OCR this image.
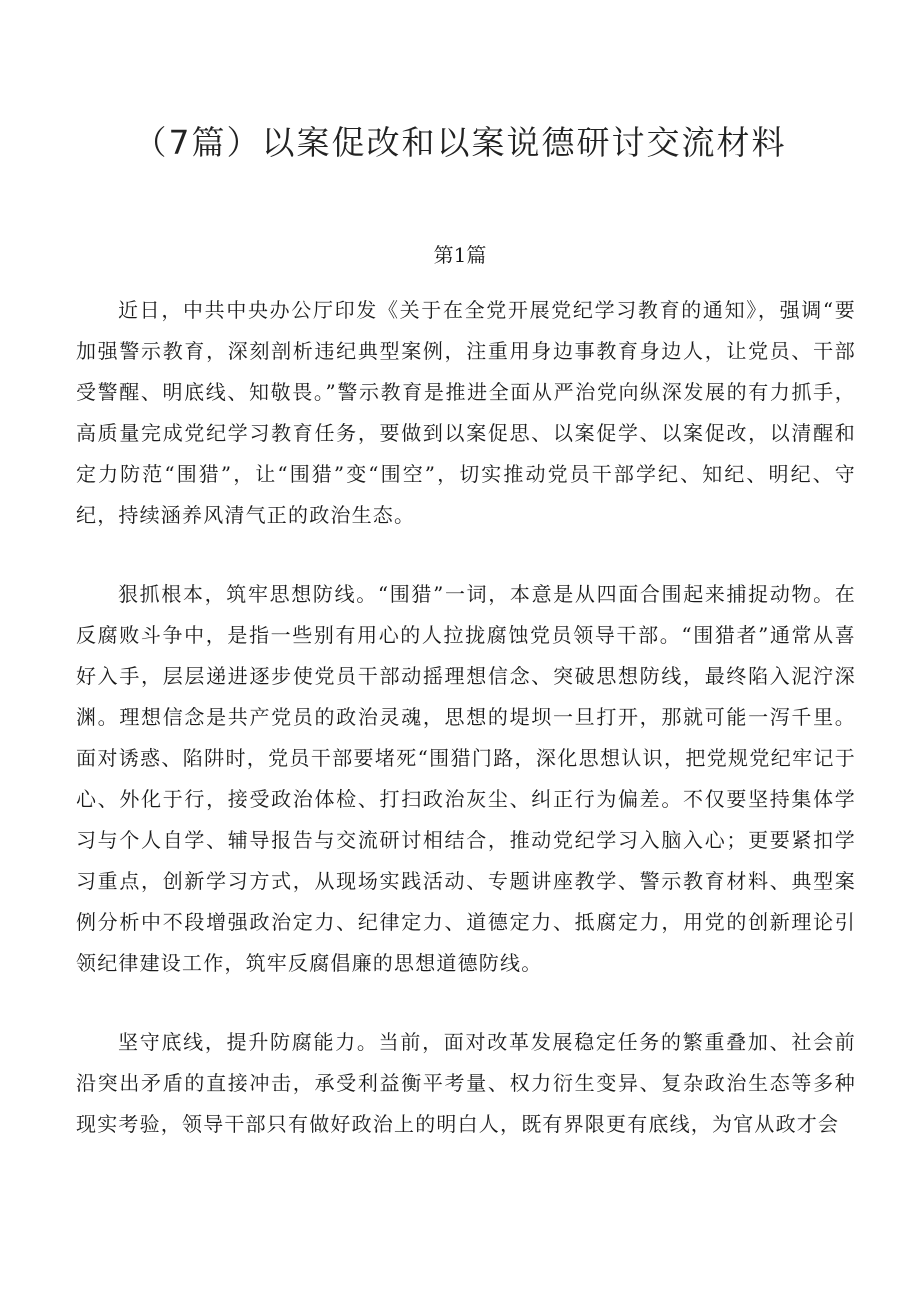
（7篇）以案促改和以案说德研讨交流材料
第1篇

近日，中共中央办公厅印发《关于在全党开展党纪学习教育的通知》，强调“要加强警示教育，深刻剖析违纪典型案例，注重用身边事教育身边人，让党员、干部受警醒、明底线、知敬畏。”警示教育是推进全面从严治党向纵深发展的有力抓手，高质量完成党纪学习教育任务，要做到以案促思、以案促学、以案促改，以清醒和定力防范“围猎”，让“围猎”变“围空”，切实推动党员干部学纪、知纪、明纪、守纪，持续涵养风清气正的政治生态。

狠抓根本，筑牢思想防线。“围猎”一词，本意是从四面合围起来捕捉动物。在反腐败斗争中，是指一些别有用心的人拉拢腐蚀党员领导干部。“围猎者”通常从喜好入手，层层递进逐步使党员干部动摇理想信念、突破思想防线，最终陷入泥泞深渊。理想信念是共产党员的政治灵魂，思想的堤坝一旦打开，那就可能一泻千里。面对诱惑、陷阱时，党员干部要堵死“围猎门路，深化思想认识，把党规党纪牢记于心、外化于行，接受政治体检、打扫政治灰尘、纠正行为偏差。不仅要坚持集体学习与个人自学、辅导报告与交流研讨相结合，推动党纪学习入脑入心；更要紧扣学习重点，创新学习方式，从现场实践活动、专题讲座教学、警示教育材料、典型案例分析中不段增强政治定力、纪律定力、道德定力、抵腐定力，用党的创新理论引领纪律建设工作，筑牢反腐倡廉的思想道德防线。

坚守底线，提升防腐能力。当前，面对改革发展稳定任务的繁重叠加、社会前沿突出矛盾的直接冲击，承受利益衡平考量、权力衍生变异、复杂政治生态等多种现实考验，领导干部只有做好政治上的明白人，既有界限更有底线，为官从政才会
